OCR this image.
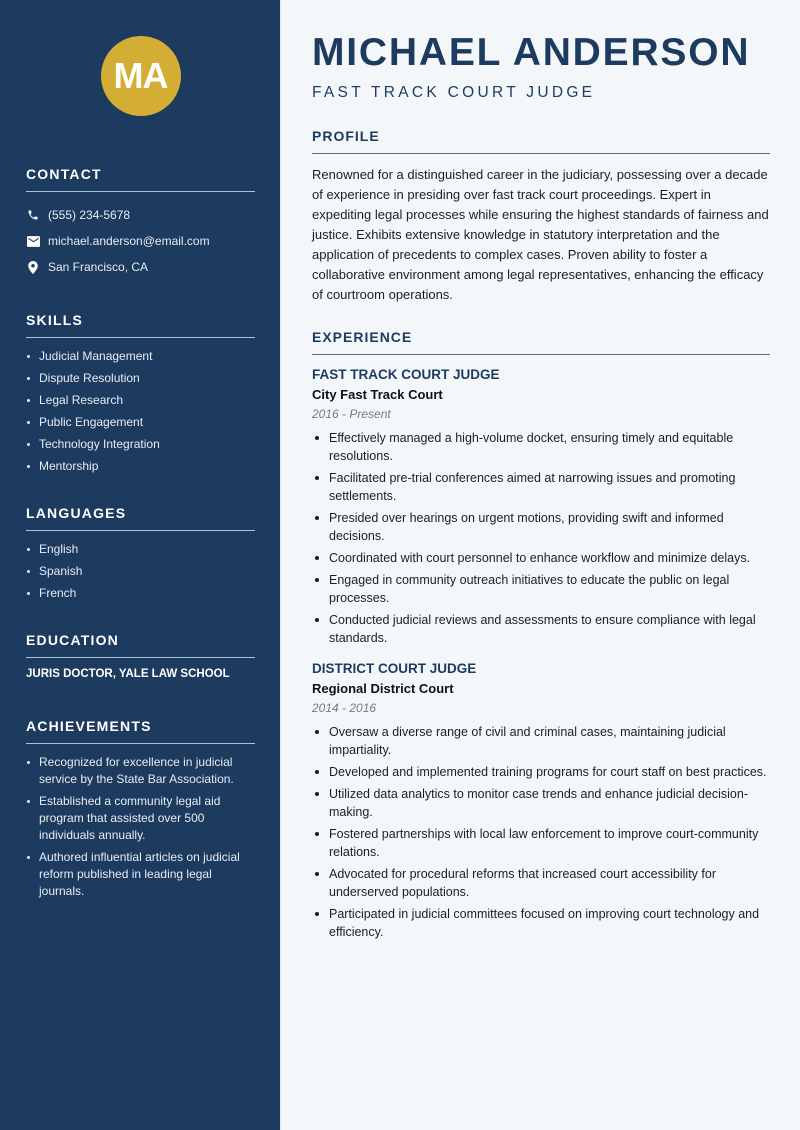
MA
CONTACT
(555) 234-5678
michael.anderson@email.com
San Francisco, CA
SKILLS
Judicial Management
Dispute Resolution
Legal Research
Public Engagement
Technology Integration
Mentorship
LANGUAGES
English
Spanish
French
EDUCATION
JURIS DOCTOR, YALE LAW SCHOOL
ACHIEVEMENTS
Recognized for excellence in judicial service by the State Bar Association.
Established a community legal aid program that assisted over 500 individuals annually.
Authored influential articles on judicial reform published in leading legal journals.
MICHAEL ANDERSON
FAST TRACK COURT JUDGE
PROFILE

Renowned for a distinguished career in the judiciary, possessing over a decade of experience in presiding over fast track court proceedings. Expert in expediting legal processes while ensuring the highest standards of fairness and justice. Exhibits extensive knowledge in statutory interpretation and the application of precedents to complex cases. Proven ability to foster a collaborative environment among legal representatives, enhancing the efficacy of courtroom operations.

EXPERIENCE
FAST TRACK COURT JUDGE
City Fast Track Court
2016 - Present
Effectively managed a high-volume docket, ensuring timely and equitable resolutions.
Facilitated pre-trial conferences aimed at narrowing issues and promoting settlements.
Presided over hearings on urgent motions, providing swift and informed decisions.
Coordinated with court personnel to enhance workflow and minimize delays.
Engaged in community outreach initiatives to educate the public on legal processes.
Conducted judicial reviews and assessments to ensure compliance with legal standards.
DISTRICT COURT JUDGE
Regional District Court
2014 - 2016
Oversaw a diverse range of civil and criminal cases, maintaining judicial impartiality.
Developed and implemented training programs for court staff on best practices.
Utilized data analytics to monitor case trends and enhance judicial decision-making.
Fostered partnerships with local law enforcement to improve court-community relations.
Advocated for procedural reforms that increased court accessibility for underserved populations.
Participated in judicial committees focused on improving court technology and efficiency.
